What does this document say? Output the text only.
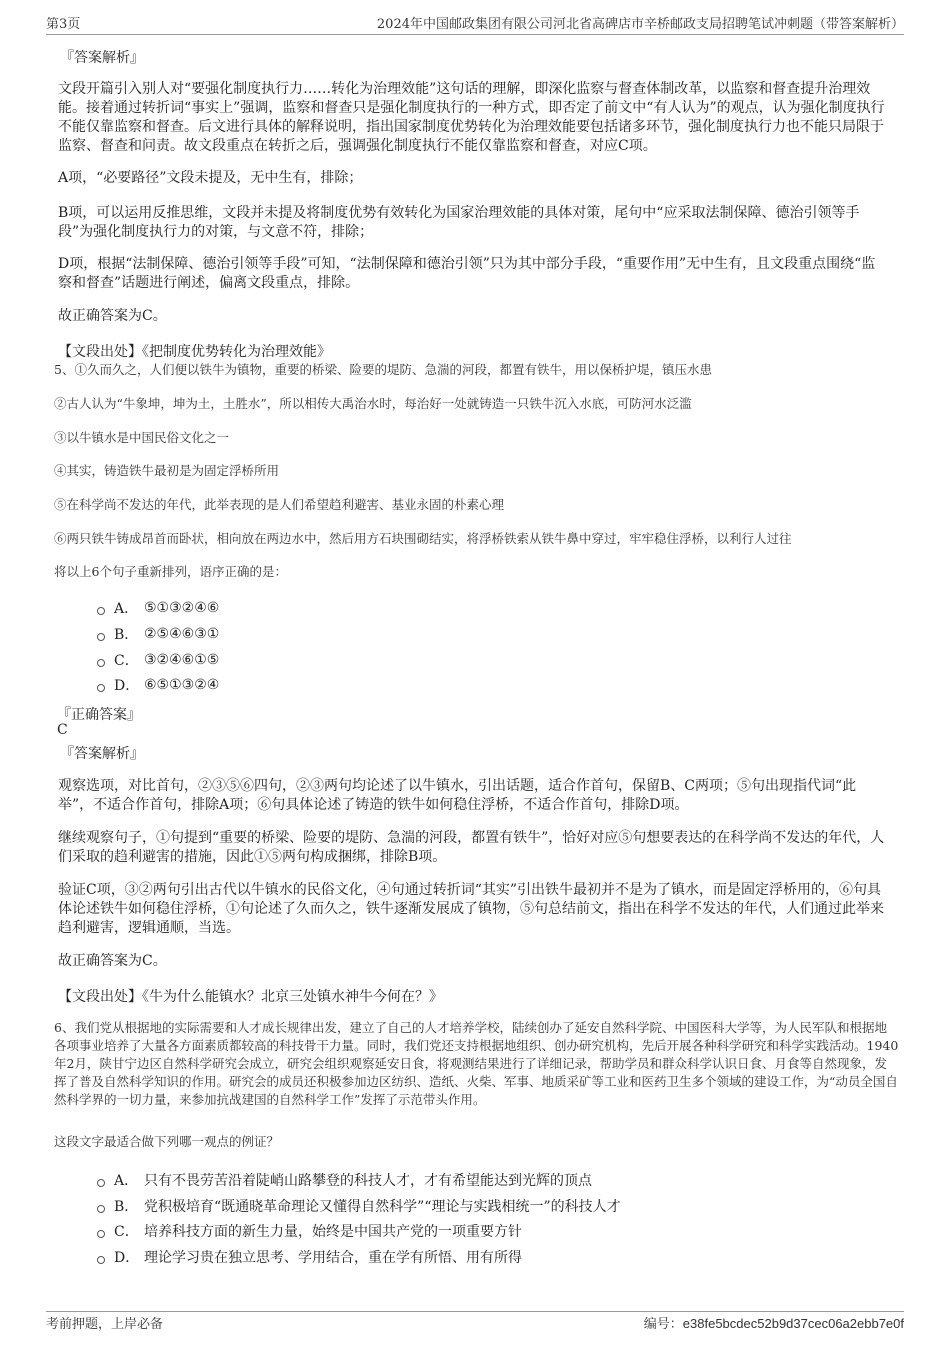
第3页	2024年中国邮政集团有限公司河北省高碑店市辛桥邮政支局招聘笔试冲刺题（带答案解析）
『答案解析』
文段开篇引入别人对“要强化制度执行力……转化为治理效能”这句话的理解，即深化监察与督查体制改革，以监察和督查提升治理效能。接着通过转折词“事实上”强调，监察和督查只是强化制度执行的一种方式，即否定了前文中“有人认为”的观点，认为强化制度执行不能仅靠监察和督查。后文进行具体的解释说明，指出国家制度优势转化为治理效能要包括诸多环节，强化制度执行力也不能只局限于监察、督查和问责。故文段重点在转折之后，强调强化制度执行不能仅靠监察和督查，对应C项。
A项，“必要路径”文段未提及，无中生有，排除；
B项，可以运用反推思维，文段并未提及将制度优势有效转化为国家治理效能的具体对策，尾句中“应采取法制保障、德治引领等手段”为强化制度执行力的对策，与文意不符，排除；
D项，根据“法制保障、德治引领等手段”可知，“法制保障和德治引领”只为其中部分手段，“重要作用”无中生有，且文段重点围绕“监察和督查”话题进行阐述，偏离文段重点，排除。
故正确答案为C。
【文段出处】《把制度优势转化为治理效能》
5、①久而久之，人们便以铁牛为镇物，重要的桥梁、险要的堤防、急湍的河段，都置有铁牛，用以保桥护堤，镇压水患
②古人认为“牛象坤，坤为土，土胜水”，所以相传大禹治水时，每治好一处就铸造一只铁牛沉入水底，可防河水泛滥
③以牛镇水是中国民俗文化之一
④其实，铸造铁牛最初是为固定浮桥所用
⑤在科学尚不发达的年代，此举表现的是人们希望趋利避害、基业永固的朴素心理
⑥两只铁牛铸成昂首而卧状，相向放在两边水中，然后用方石块围砌结实，将浮桥铁索从铁牛鼻中穿过，牢牢稳住浮桥，以利行人过往
将以上6个句子重新排列，语序正确的是：
A． ⑤①③②④⑥
B． ②⑤④⑥③①
C． ③②④⑥①⑤
D． ⑥⑤①③②④
『正确答案』
C
『答案解析』
观察选项，对比首句，②③⑤⑥四句，②③两句均论述了以牛镇水，引出话题，适合作首句，保留B、C两项；⑤句出现指代词“此举”，不适合作首句，排除A项；⑥句具体论述了铸造的铁牛如何稳住浮桥，不适合作首句，排除D项。
继续观察句子，①句提到“重要的桥梁、险要的堤防、急湍的河段，都置有铁牛”，恰好对应⑤句想要表达的在科学尚不发达的年代，人们采取的趋利避害的措施，因此①⑤两句构成捆绑，排除B项。
验证C项，③②两句引出古代以牛镇水的民俗文化，④句通过转折词“其实”引出铁牛最初并不是为了镇水，而是固定浮桥用的，⑥句具体论述铁牛如何稳住浮桥，①句论述了久而久之，铁牛逐渐发展成了镇物，⑤句总结前文，指出在科学不发达的年代，人们通过此举来趋利避害，逻辑通顺，当选。
故正确答案为C。
【文段出处】《牛为什么能镇水？北京三处镇水神牛今何在？》
6、我们党从根据地的实际需要和人才成长规律出发，建立了自己的人才培养学校，陆续创办了延安自然科学院、中国医科大学等，为人民军队和根据地各项事业培养了大量各方面素质都较高的科技骨干力量。同时，我们党还支持根据地组织、创办研究机构，先后开展各种科学研究和科学实践活动。1940年2月，陕甘宁边区自然科学研究会成立，研究会组织观察延安日食，将观测结果进行了详细记录，帮助学员和群众科学认识日食、月食等自然现象，发挥了普及自然科学知识的作用。研究会的成员还积极参加边区纺织、造纸、火柴、军事、地质采矿等工业和医药卫生多个领域的建设工作，为“动员全国自然科学界的一切力量，来参加抗战建国的自然科学工作”发挥了示范带头作用。
这段文字最适合做下列哪一观点的例证？
A． 只有不畏劳苦沿着陡峭山路攀登的科技人才，才有希望能达到光辉的顶点
B． 党积极培育“既通晓革命理论又懂得自然科学”“理论与实践相统一”的科技人才
C． 培养科技方面的新生力量，始终是中国共产党的一项重要方针
D． 理论学习贵在独立思考、学用结合，重在学有所悟、用有所得
考前押题，上岸必备	编号：e38fe5bcdec52b9d37cec06a2ebb7e0f
